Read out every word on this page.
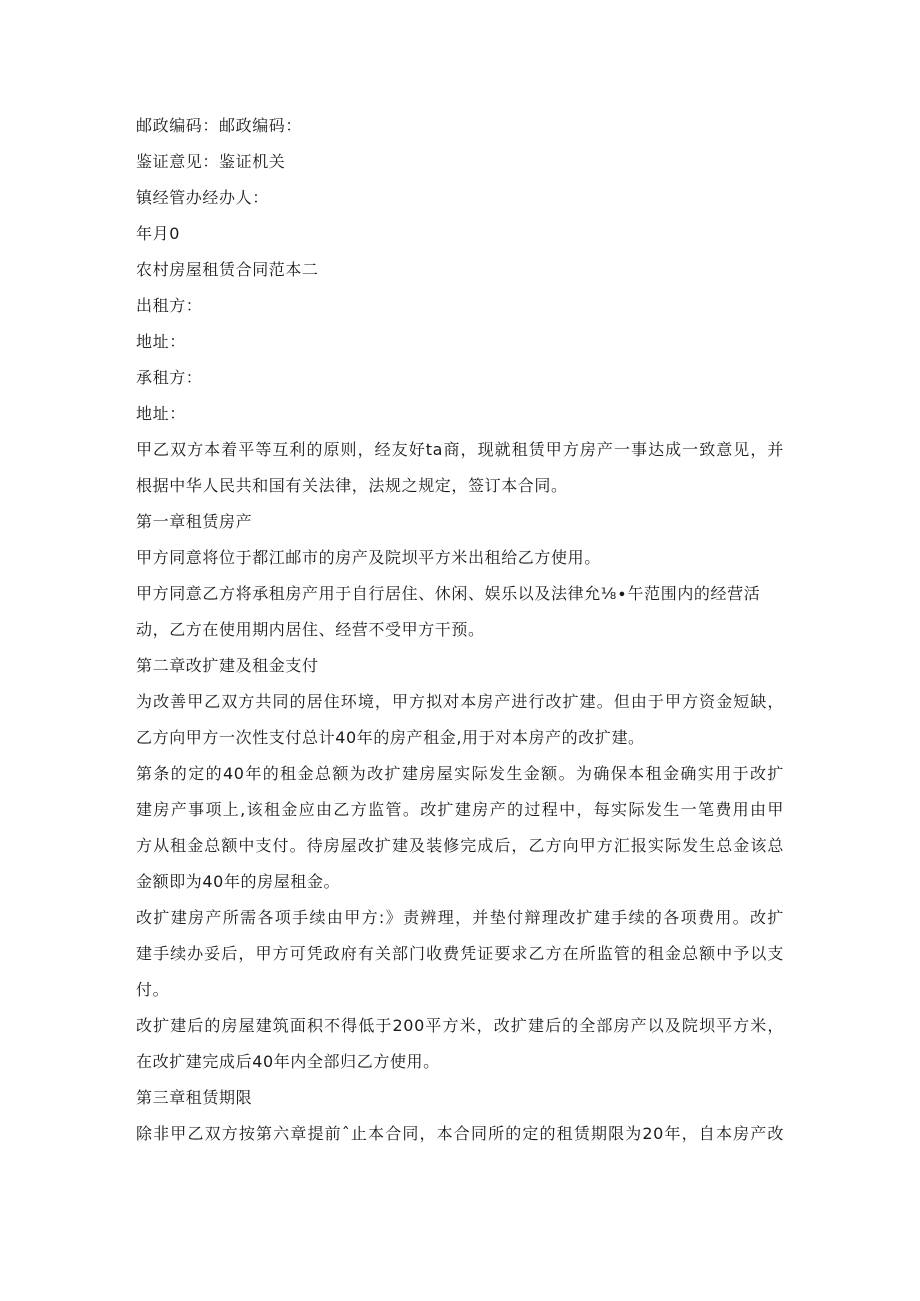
邮政编码：邮政编码：
鉴证意见：鉴证机关
镇经管办经办人：
年月0
农村房屋租赁合同范本二
出租方：
地址：
承租方：
地址：
甲乙双方本着平等互利的原则，经友好ta商，现就租赁甲方房产一事达成一致意见，并
根据中华人民共和国有关法律，法规之规定，签订本合同。
第一章租赁房产
甲方同意将位于都江邮市的房产及院坝平方米出租给乙方使用。
甲方同意乙方将承租房产用于自行居住、休闲、娱乐以及法律允⅛∙午范围内的经营活
动，乙方在使用期内居住、经营不受甲方干预。
第二章改扩建及租金支付
为改善甲乙双方共同的居住环境，甲方拟对本房产进行改扩建。但由于甲方资金短缺，
乙方向甲方一次性支付总计40年的房产租金,用于对本房产的改扩建。
第条的定的40年的租金总额为改扩建房屋实际发生金额。为确保本租金确实用于改扩
建房产事项上,该租金应由乙方监管。改扩建房产的过程中，每实际发生一笔费用由甲
方从租金总额中支付。待房屋改扩建及装修完成后，乙方向甲方汇报实际发生总金该总
金额即为40年的房屋租金。
改扩建房产所需各项手续由甲方:》责辨理，并垫付辩理改扩建手续的各项费用。改扩
建手续办妥后，甲方可凭政府有关部门收费凭证要求乙方在所监管的租金总额中予以支
付。
改扩建后的房屋建筑面积不得低于200平方米，改扩建后的全部房产以及院坝平方米，
在改扩建完成后40年内全部归乙方使用。
第三章租赁期限
除非甲乙双方按第六章提前ˆ止本合同，本合同所的定的租赁期限为20年，自本房产改
